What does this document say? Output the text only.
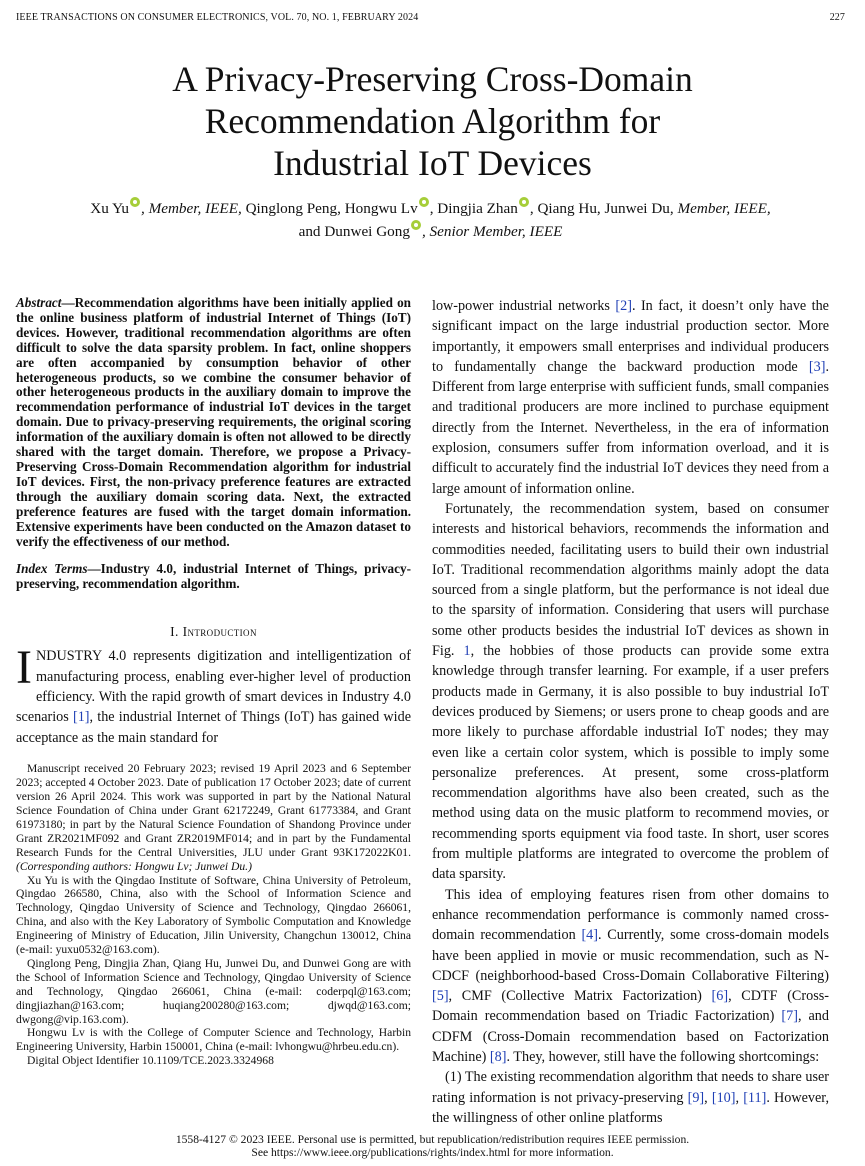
IEEE TRANSACTIONS ON CONSUMER ELECTRONICS, VOL. 70, NO. 1, FEBRUARY 2024	227
A Privacy-Preserving Cross-Domain
Recommendation Algorithm for
Industrial IoT Devices
Xu Yu , Member, IEEE, Qinglong Peng, Hongwu Lv , Dingjia Zhan , Qiang Hu, Junwei Du, Member, IEEE,
and Dunwei Gong , Senior Member, IEEE

Abstract—Recommendation algorithms have been initially applied on the online business platform of industrial Internet of Things (IoT) devices. However, traditional recommendation algorithms are often difficult to solve the data sparsity problem. In fact, online shoppers are often accompanied by consumption behavior of other heterogeneous products, so we combine the consumer behavior of other heterogeneous products in the auxiliary domain to improve the recommendation performance of industrial IoT devices in the target domain. Due to privacy-preserving requirements, the original scoring information of the auxiliary domain is often not allowed to be directly shared with the target domain. Therefore, we propose a Privacy-Preserving Cross-Domain Recommendation algorithm for industrial IoT devices. First, the non-privacy preference features are extracted through the auxiliary domain scoring data. Next, the extracted preference features are fused with the target domain information. Extensive experiments have been conducted on the Amazon dataset to verify the effectiveness of our method.

Index Terms—Industry 4.0, industrial Internet of Things, privacy-preserving, recommendation algorithm.

I. Introduction

INDUSTRY 4.0 represents digitization and intelligentization of manufacturing process, enabling ever-higher level of production efficiency. With the rapid growth of smart devices in Industry 4.0 scenarios [1], the industrial Internet of Things (IoT) has gained wide acceptance as the main standard for

Manuscript received 20 February 2023; revised 19 April 2023 and 6 September 2023; accepted 4 October 2023. Date of publication 17 October 2023; date of current version 26 April 2024. This work was supported in part by the National Natural Science Foundation of China under Grant 62172249, Grant 61773384, and Grant 61973180; in part by the Natural Science Foundation of Shandong Province under Grant ZR2021MF092 and Grant ZR2019MF014; and in part by the Fundamental Research Funds for the Central Universities, JLU under Grant 93K172022K01. (Corresponding authors: Hongwu Lv; Junwei Du.)

Xu Yu is with the Qingdao Institute of Software, China University of Petroleum, Qingdao 266580, China, also with the School of Information Science and Technology, Qingdao University of Science and Technology, Qingdao 266061, China, and also with the Key Laboratory of Symbolic Computation and Knowledge Engineering of Ministry of Education, Jilin University, Changchun 130012, China (e-mail: yuxu0532@163.com).

Qinglong Peng, Dingjia Zhan, Qiang Hu, Junwei Du, and Dunwei Gong are with the School of Information Science and Technology, Qingdao University of Science and Technology, Qingdao 266061, China (e-mail: coderpql@163.com; dingjiazhan@163.com; huqiang200280@163.com; djwqd@163.com; dwgong@vip.163.com).

Hongwu Lv is with the College of Computer Science and Technology, Harbin Engineering University, Harbin 150001, China (e-mail: lvhongwu@hrbeu.edu.cn).

Digital Object Identifier 10.1109/TCE.2023.3324968

low-power industrial networks [2]. In fact, it doesn’t only have the significant impact on the large industrial production sector. More importantly, it empowers small enterprises and individual producers to fundamentally change the backward production mode [3]. Different from large enterprise with sufficient funds, small companies and traditional producers are more inclined to purchase equipment directly from the Internet. Nevertheless, in the era of information explosion, consumers suffer from information overload, and it is difficult to accurately find the industrial IoT devices they need from a large amount of information online.

Fortunately, the recommendation system, based on consumer interests and historical behaviors, recommends the information and commodities needed, facilitating users to build their own industrial IoT. Traditional recommendation algorithms mainly adopt the data sourced from a single platform, but the performance is not ideal due to the sparsity of information. Considering that users will purchase some other products besides the industrial IoT devices as shown in Fig. 1, the hobbies of those products can provide some extra knowledge through transfer learning. For example, if a user prefers products made in Germany, it is also possible to buy industrial IoT devices produced by Siemens; or users prone to cheap goods and are more likely to purchase affordable industrial IoT nodes; they may even like a certain color system, which is possible to imply some personalize preferences. At present, some cross-platform recommendation algorithms have also been created, such as the method using data on the music platform to recommend movies, or recommending sports equipment via food taste. In short, user scores from multiple platforms are integrated to overcome the problem of data sparsity.

This idea of employing features risen from other domains to enhance recommendation performance is commonly named cross-domain recommendation [4]. Currently, some cross-domain models have been applied in movie or music recommendation, such as N-CDCF (neighborhood-based Cross-Domain Collaborative Filtering) [5], CMF (Collective Matrix Factorization) [6], CDTF (Cross-Domain recommendation based on Triadic Factorization) [7], and CDFM (Cross-Domain recommendation based on Factorization Machine) [8]. They, however, still have the following shortcomings:

(1) The existing recommendation algorithm that needs to share user rating information is not privacy-preserving [9], [10], [11]. However, the willingness of other online platforms

1558-4127 © 2023 IEEE. Personal use is permitted, but republication/redistribution requires IEEE permission.
See https://www.ieee.org/publications/rights/index.html for more information.
